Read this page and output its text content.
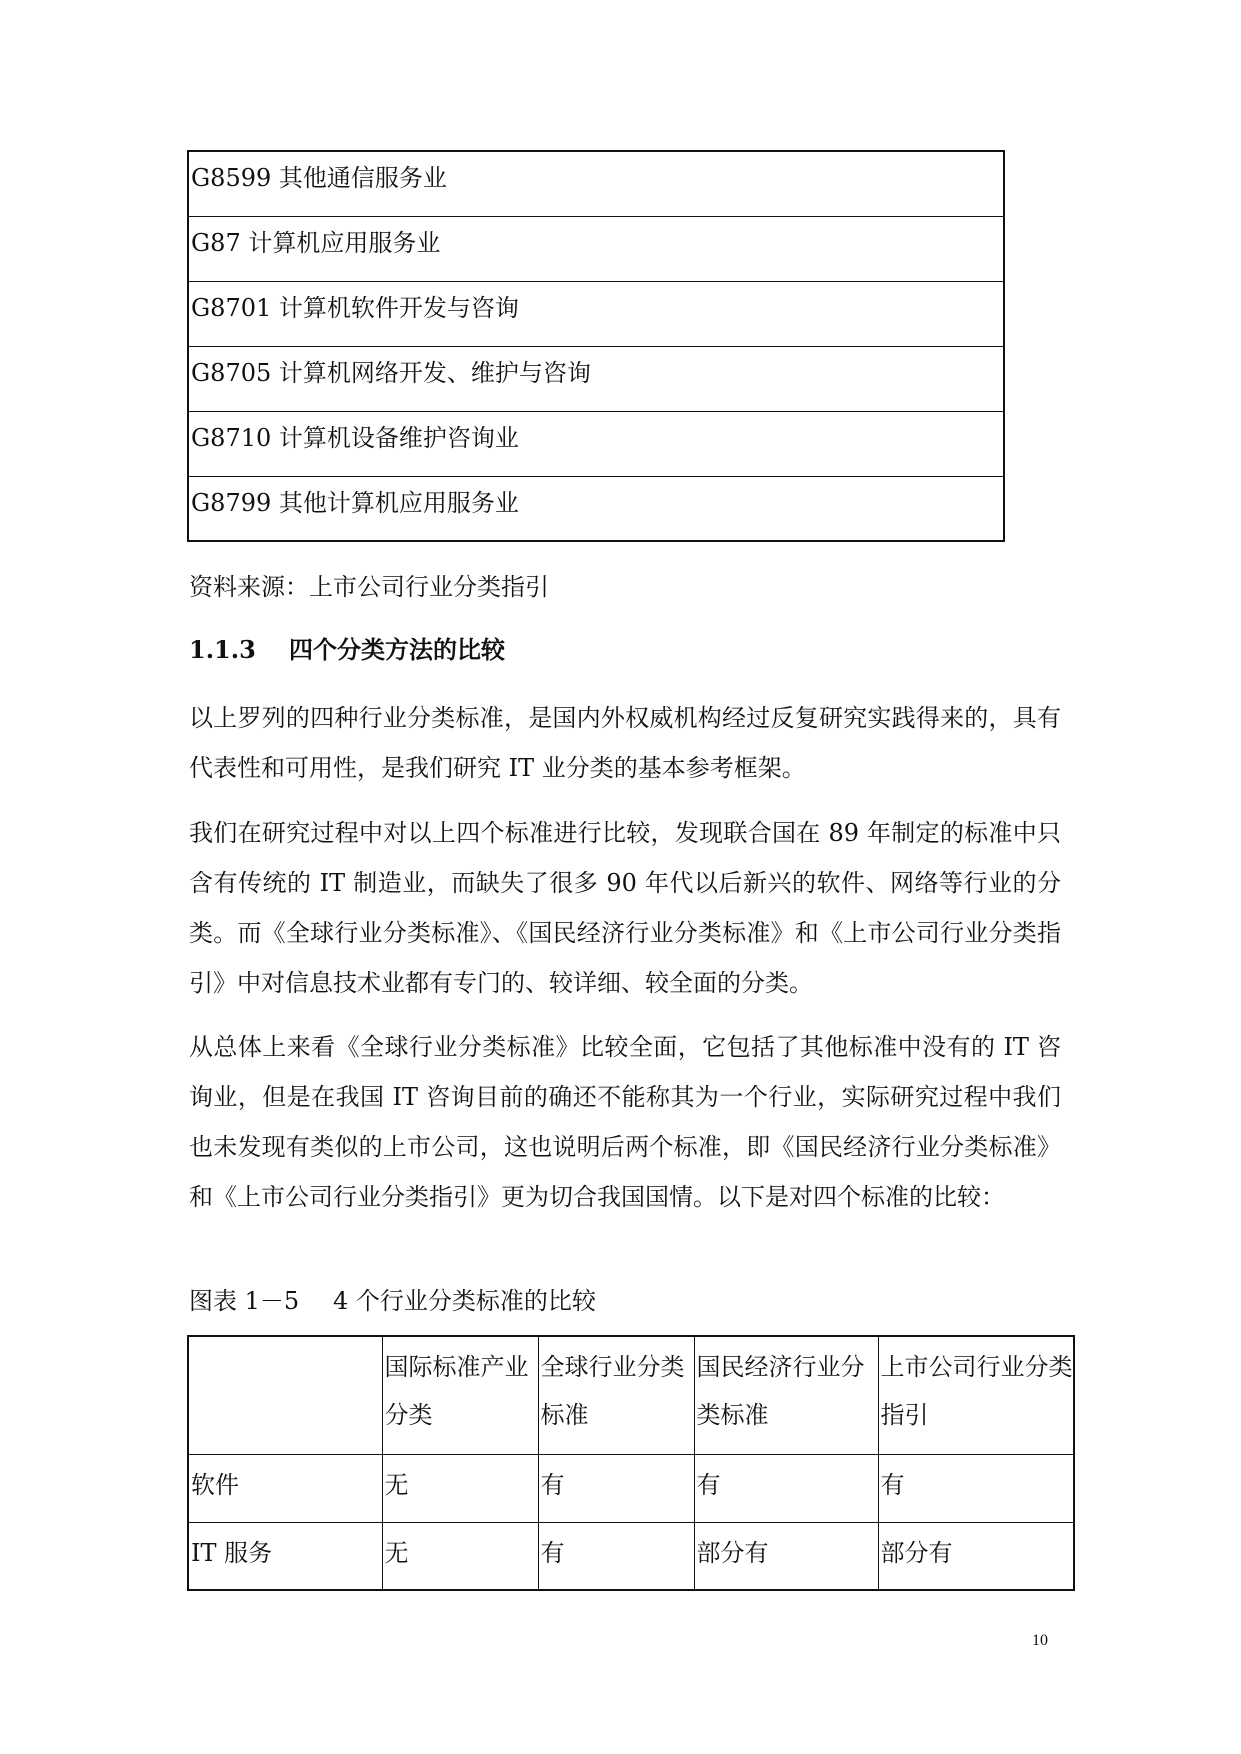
G8599 其他通信服务业
G87 计算机应用服务业
G8701 计算机软件开发与咨询
G8705 计算机网络开发、维护与咨询
G8710 计算机设备维护咨询业
G8799 其他计算机应用服务业
资料来源：上市公司行业分类指引
1.1.3 四个分类方法的比较

以上罗列的四种行业分类标准，是国内外权威机构经过反复研究实践得来的，具有代表性和可用性，是我们研究 IT 业分类的基本参考框架。

我们在研究过程中对以上四个标准进行比较，发现联合国在 89 年制定的标准中只含有传统的 IT 制造业，而缺失了很多 90 年代以后新兴的软件、网络等行业的分类。而《全球行业分类标准》、《国民经济行业分类标准》和《上市公司行业分类指引》中对信息技术业都有专门的、较详细、较全面的分类。

从总体上来看《全球行业分类标准》比较全面，它包括了其他标准中没有的 IT 咨询业，但是在我国 IT 咨询目前的确还不能称其为一个行业，实际研究过程中我们也未发现有类似的上市公司，这也说明后两个标准，即《国民经济行业分类标准》和《上市公司行业分类指引》更为切合我国国情。以下是对四个标准的比较：

图表 1－5 4 个行业分类标准的比较
	国际标准产业分类	全球行业分类标准	国民经济行业分类标准	上市公司行业分类指引
软件	无	有	有	有
IT 服务	无	有	部分有	部分有
10
